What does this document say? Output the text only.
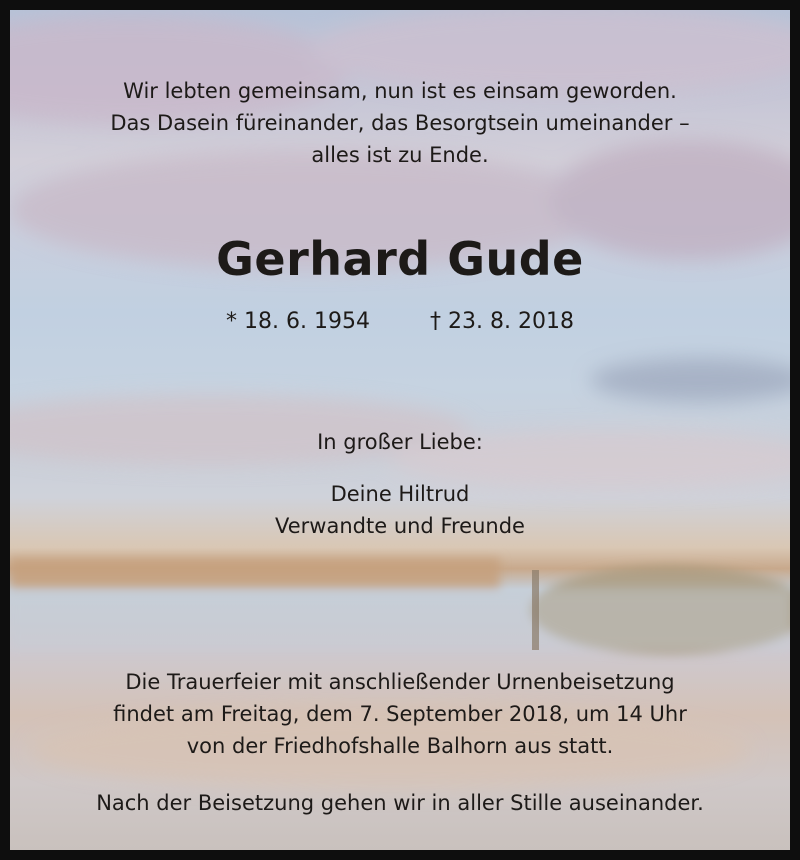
Wir lebten gemeinsam, nun ist es einsam geworden.
Das Dasein füreinander, das Besorgtsein umeinander –
alles ist zu Ende.
Gerhard Gude
* 18. 6. 1954	† 23. 8. 2018
In großer Liebe:
Deine Hiltrud
Verwandte und Freunde
Die Trauerfeier mit anschließender Urnenbeisetzung
findet am Freitag, dem 7. September 2018, um 14 Uhr
von der Friedhofshalle Balhorn aus statt.
Nach der Beisetzung gehen wir in aller Stille auseinander.
